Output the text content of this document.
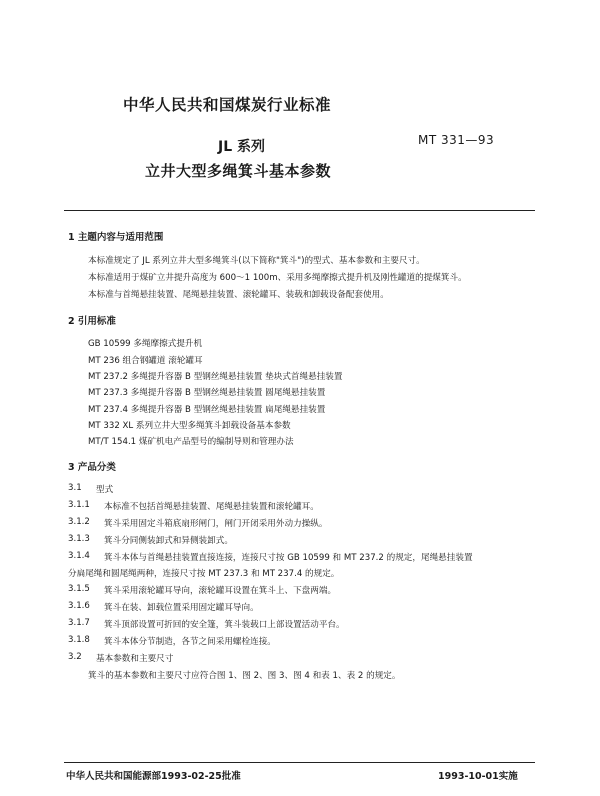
中华人民共和国煤炭行业标准
JL 系列	MT 331—93
立井大型多绳箕斗基本参数
1 主题内容与适用范围
本标准规定了 JL 系列立井大型多绳箕斗(以下简称"箕斗")的型式、基本参数和主要尺寸。
本标准适用于煤矿立井提升高度为 600～1 100m、采用多绳摩擦式提升机及刚性罐道的提煤箕斗。
本标准与首绳悬挂装置、尾绳悬挂装置、滚轮罐耳、装载和卸载设备配套使用。
2 引用标准
GB 10599 多绳摩擦式提升机
MT 236 组合钢罐道 滚轮罐耳
MT 237.2 多绳提升容器 B 型钢丝绳悬挂装置 垫块式首绳悬挂装置
MT 237.3 多绳提升容器 B 型钢丝绳悬挂装置 圆尾绳悬挂装置
MT 237.4 多绳提升容器 B 型钢丝绳悬挂装置 扁尾绳悬挂装置
MT 332 XL 系列立井大型多绳箕斗卸载设备基本参数
MT/T 154.1 煤矿机电产品型号的编制导则和管理办法
3 产品分类
3.1 型式
3.1.1 本标准不包括首绳悬挂装置、尾绳悬挂装置和滚轮罐耳。
3.1.2 箕斗采用固定斗箱底扇形闸门，闸门开闭采用外动力操纵。
3.1.3 箕斗分同侧装卸式和异侧装卸式。
3.1.4 箕斗本体与首绳悬挂装置直接连接，连接尺寸按 GB 10599 和 MT 237.2 的规定，尾绳悬挂装置
分扁尾绳和圆尾绳两种，连接尺寸按 MT 237.3 和 MT 237.4 的规定。
3.1.5 箕斗采用滚轮罐耳导向，滚轮罐耳设置在箕斗上、下盘两端。
3.1.6 箕斗在装、卸载位置采用固定罐耳导向。
3.1.7 箕斗顶部设置可折回的安全篷，箕斗装载口上部设置活动平台。
3.1.8 箕斗本体分节制造，各节之间采用螺栓连接。
3.2 基本参数和主要尺寸
箕斗的基本参数和主要尺寸应符合图 1、图 2、图 3、图 4 和表 1、表 2 的规定。
中华人民共和国能源部1993-02-25批准	1993-10-01实施
